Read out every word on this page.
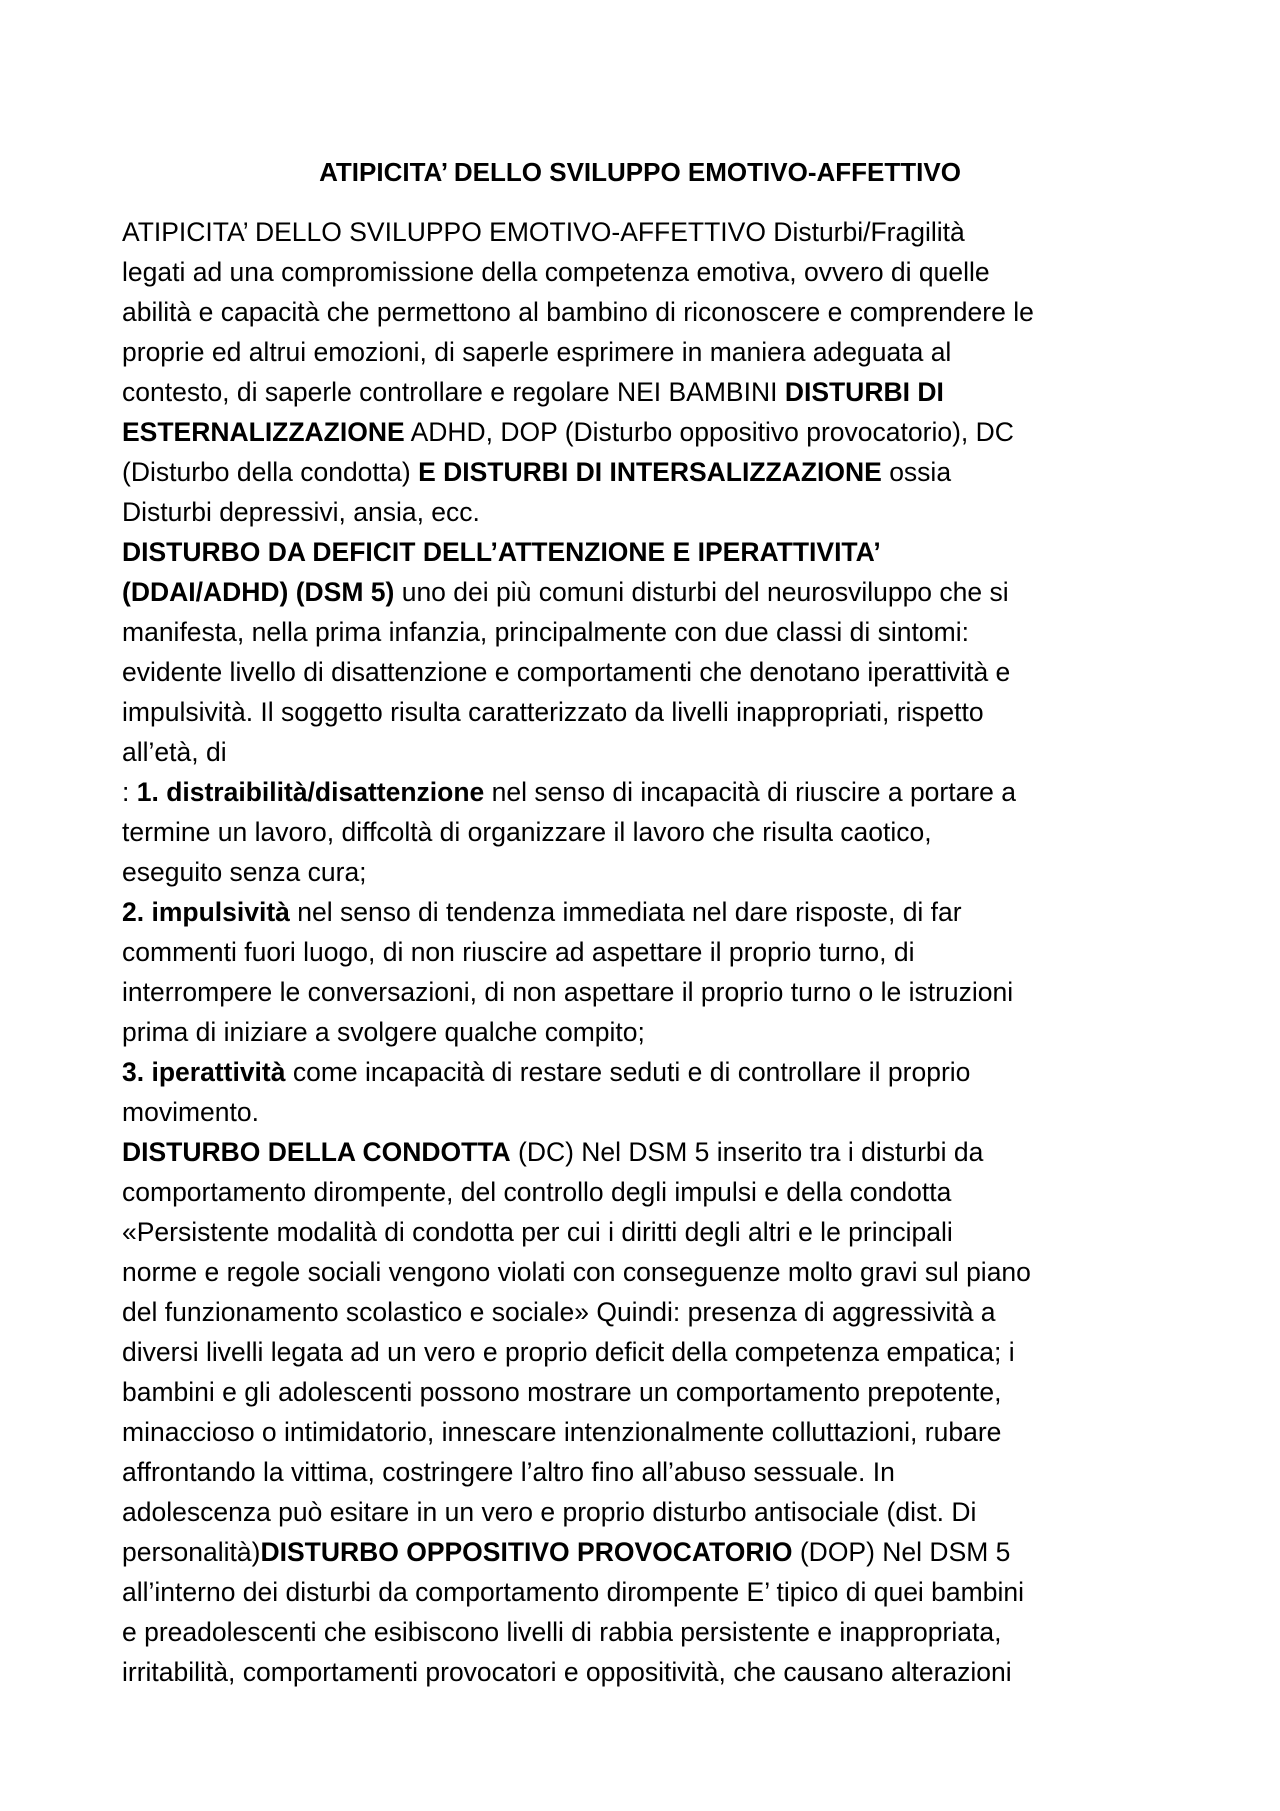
ATIPICITA’ DELLO SVILUPPO EMOTIVO-AFFETTIVO
ATIPICITA’ DELLO SVILUPPO EMOTIVO-AFFETTIVO Disturbi/Fragilità
legati ad una compromissione della competenza emotiva, ovvero di quelle
abilità e capacità che permettono al bambino di riconoscere e comprendere le
proprie ed altrui emozioni, di saperle esprimere in maniera adeguata al
contesto, di saperle controllare e regolare NEI BAMBINI DISTURBI DI
ESTERNALIZZAZIONE ADHD, DOP (Disturbo oppositivo provocatorio), DC
(Disturbo della condotta) E DISTURBI DI INTERSALIZZAZIONE ossia
Disturbi depressivi, ansia, ecc.
DISTURBO DA DEFICIT DELL’ATTENZIONE E IPERATTIVITA’
(DDAI/ADHD) (DSM 5) uno dei più comuni disturbi del neurosviluppo che si
manifesta, nella prima infanzia, principalmente con due classi di sintomi:
evidente livello di disattenzione e comportamenti che denotano iperattività e
impulsività. Il soggetto risulta caratterizzato da livelli inappropriati, rispetto
all’età, di
: 1. distraibilità/disattenzione nel senso di incapacità di riuscire a portare a
termine un lavoro, diffcoltà di organizzare il lavoro che risulta caotico,
eseguito senza cura;
2. impulsività nel senso di tendenza immediata nel dare risposte, di far
commenti fuori luogo, di non riuscire ad aspettare il proprio turno, di
interrompere le conversazioni, di non aspettare il proprio turno o le istruzioni
prima di iniziare a svolgere qualche compito;
3. iperattività come incapacità di restare seduti e di controllare il proprio
movimento.
DISTURBO DELLA CONDOTTA (DC) Nel DSM 5 inserito tra i disturbi da
comportamento dirompente, del controllo degli impulsi e della condotta
«Persistente modalità di condotta per cui i diritti degli altri e le principali
norme e regole sociali vengono violati con conseguenze molto gravi sul piano
del funzionamento scolastico e sociale» Quindi: presenza di aggressività a
diversi livelli legata ad un vero e proprio deficit della competenza empatica; i
bambini e gli adolescenti possono mostrare un comportamento prepotente,
minaccioso o intimidatorio, innescare intenzionalmente colluttazioni, rubare
affrontando la vittima, costringere l’altro fino all’abuso sessuale. In
adolescenza può esitare in un vero e proprio disturbo antisociale (dist. Di
personalità)DISTURBO OPPOSITIVO PROVOCATORIO (DOP) Nel DSM 5
all’interno dei disturbi da comportamento dirompente E’ tipico di quei bambini
e preadolescenti che esibiscono livelli di rabbia persistente e inappropriata,
irritabilità, comportamenti provocatori e oppositività, che causano alterazioni
